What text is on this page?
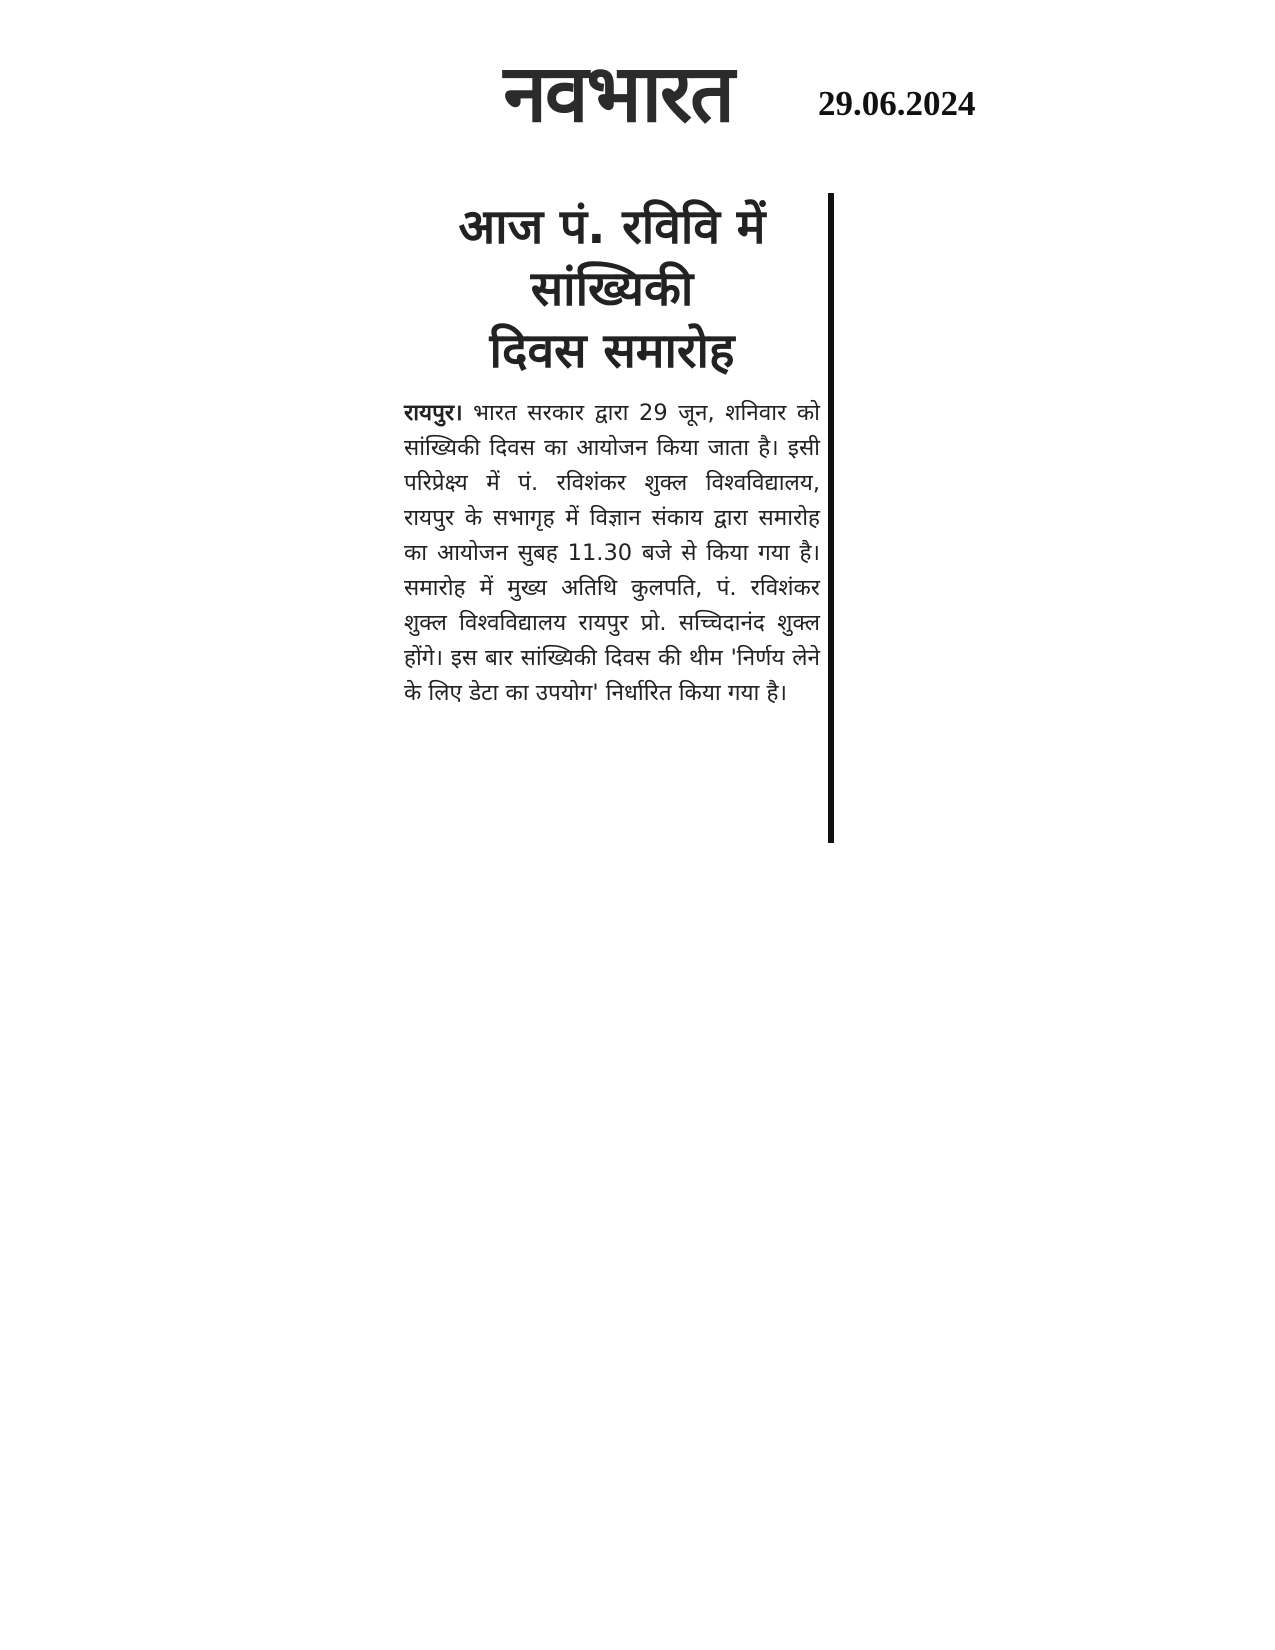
नवभारत 29.06.2024
आज पं. रविवि में
सांख्यिकी
दिवस समारोह

रायपुर। भारत सरकार द्वारा 29 जून, शनिवार को सांख्यिकी दिवस का आयोजन किया जाता है। इसी परिप्रेक्ष्य में पं. रविशंकर शुक्ल विश्वविद्यालय, रायपुर के सभागृह में विज्ञान संकाय द्वारा समारोह का आयोजन सुबह 11.30 बजे से किया गया है। समारोह में मुख्य अतिथि कुलपति, पं. रविशंकर शुक्ल विश्वविद्यालय रायपुर प्रो. सच्चिदानंद शुक्ल होंगे। इस बार सांख्यिकी दिवस की थीम 'निर्णय लेने के लिए डेटा का उपयोग' निर्धारित किया गया है।
